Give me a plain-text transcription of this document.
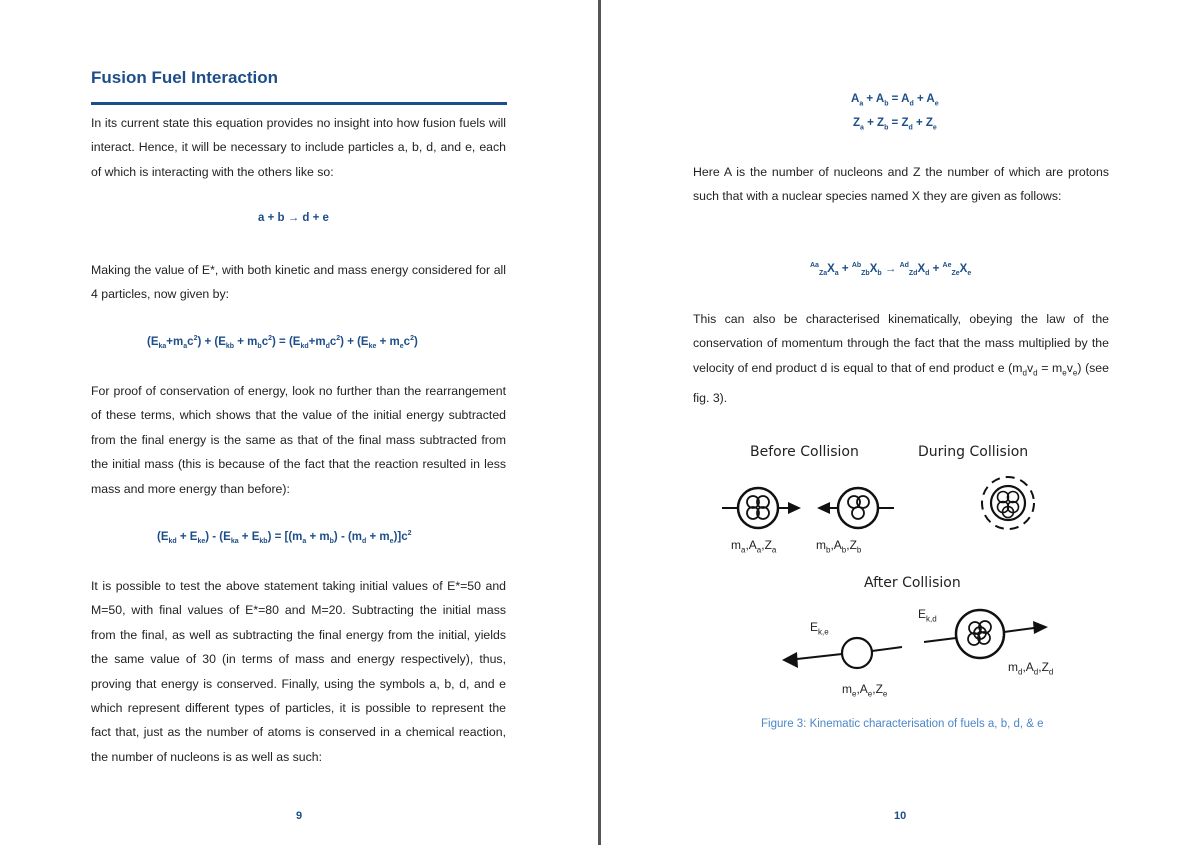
Fusion Fuel Interaction

In its current state this equation provides no insight into how fusion fuels will interact. Hence, it will be necessary to include particles a, b, d, and e, each of which is interacting with the others like so:

a + b → d + e

Making the value of E*, with both kinetic and mass energy considered for all 4 particles, now given by:

$(E_{ka}+m_ac^2) + (E_{kb} + m_bc^2) = (E_{kd}+m_dc^2) + (E_{ke} + m_ec^2)$

For proof of conservation of energy, look no further than the rearrangement of these terms, which shows that the value of the initial energy subtracted from the final energy is the same as that of the final mass subtracted from the initial mass (this is because of the fact that the reaction resulted in less mass and more energy than before):

$(E_{kd} + E_{ke}) - (E_{ka} + E_{kb}) = [(m_a + m_b) - (m_d + m_e)]c^2$

It is possible to test the above statement taking initial values of E*=50 and M=50, with final values of E*=80 and M=20. Subtracting the initial mass from the final, as well as subtracting the final energy from the initial, yields the same value of 30 (in terms of mass and energy respectively), thus, proving that energy is conserved. Finally, using the symbols a, b, d, and e which represent different types of particles, it is possible to represent the fact that, just as the number of atoms is conserved in a chemical reaction, the number of nucleons is as well as such:

9
$A_a + A_b = A_d + A_e$
$Z_a + Z_b = Z_d + Z_e$

Here A is the number of nucleons and Z the number of which are protons such that with a nuclear species named X they are given as follows:

$^{Aa}_{Za}X_a + ^{Ab}_{Zb}X_b \to ^{Ad}_{Zd}X_d + ^{Ae}_{Ze}X_e$

This can also be characterised kinematically, obeying the law of the conservation of momentum through the fact that the mass multiplied by the velocity of end product d is equal to that of end product e $(m_dv_d = m_ev_e)$ (see fig. 3).

Before Collision	During Collision
After Collision
$m_a,A_a,Z_a$	$m_b,A_b,Z_b$
$E_{k,e}$
$E_{k,d}$
$m_d,A_d,Z_d$
$m_e,A_e,Z_e$
Figure 3: Kinematic characterisation of fuels a, b, d, & e
10
